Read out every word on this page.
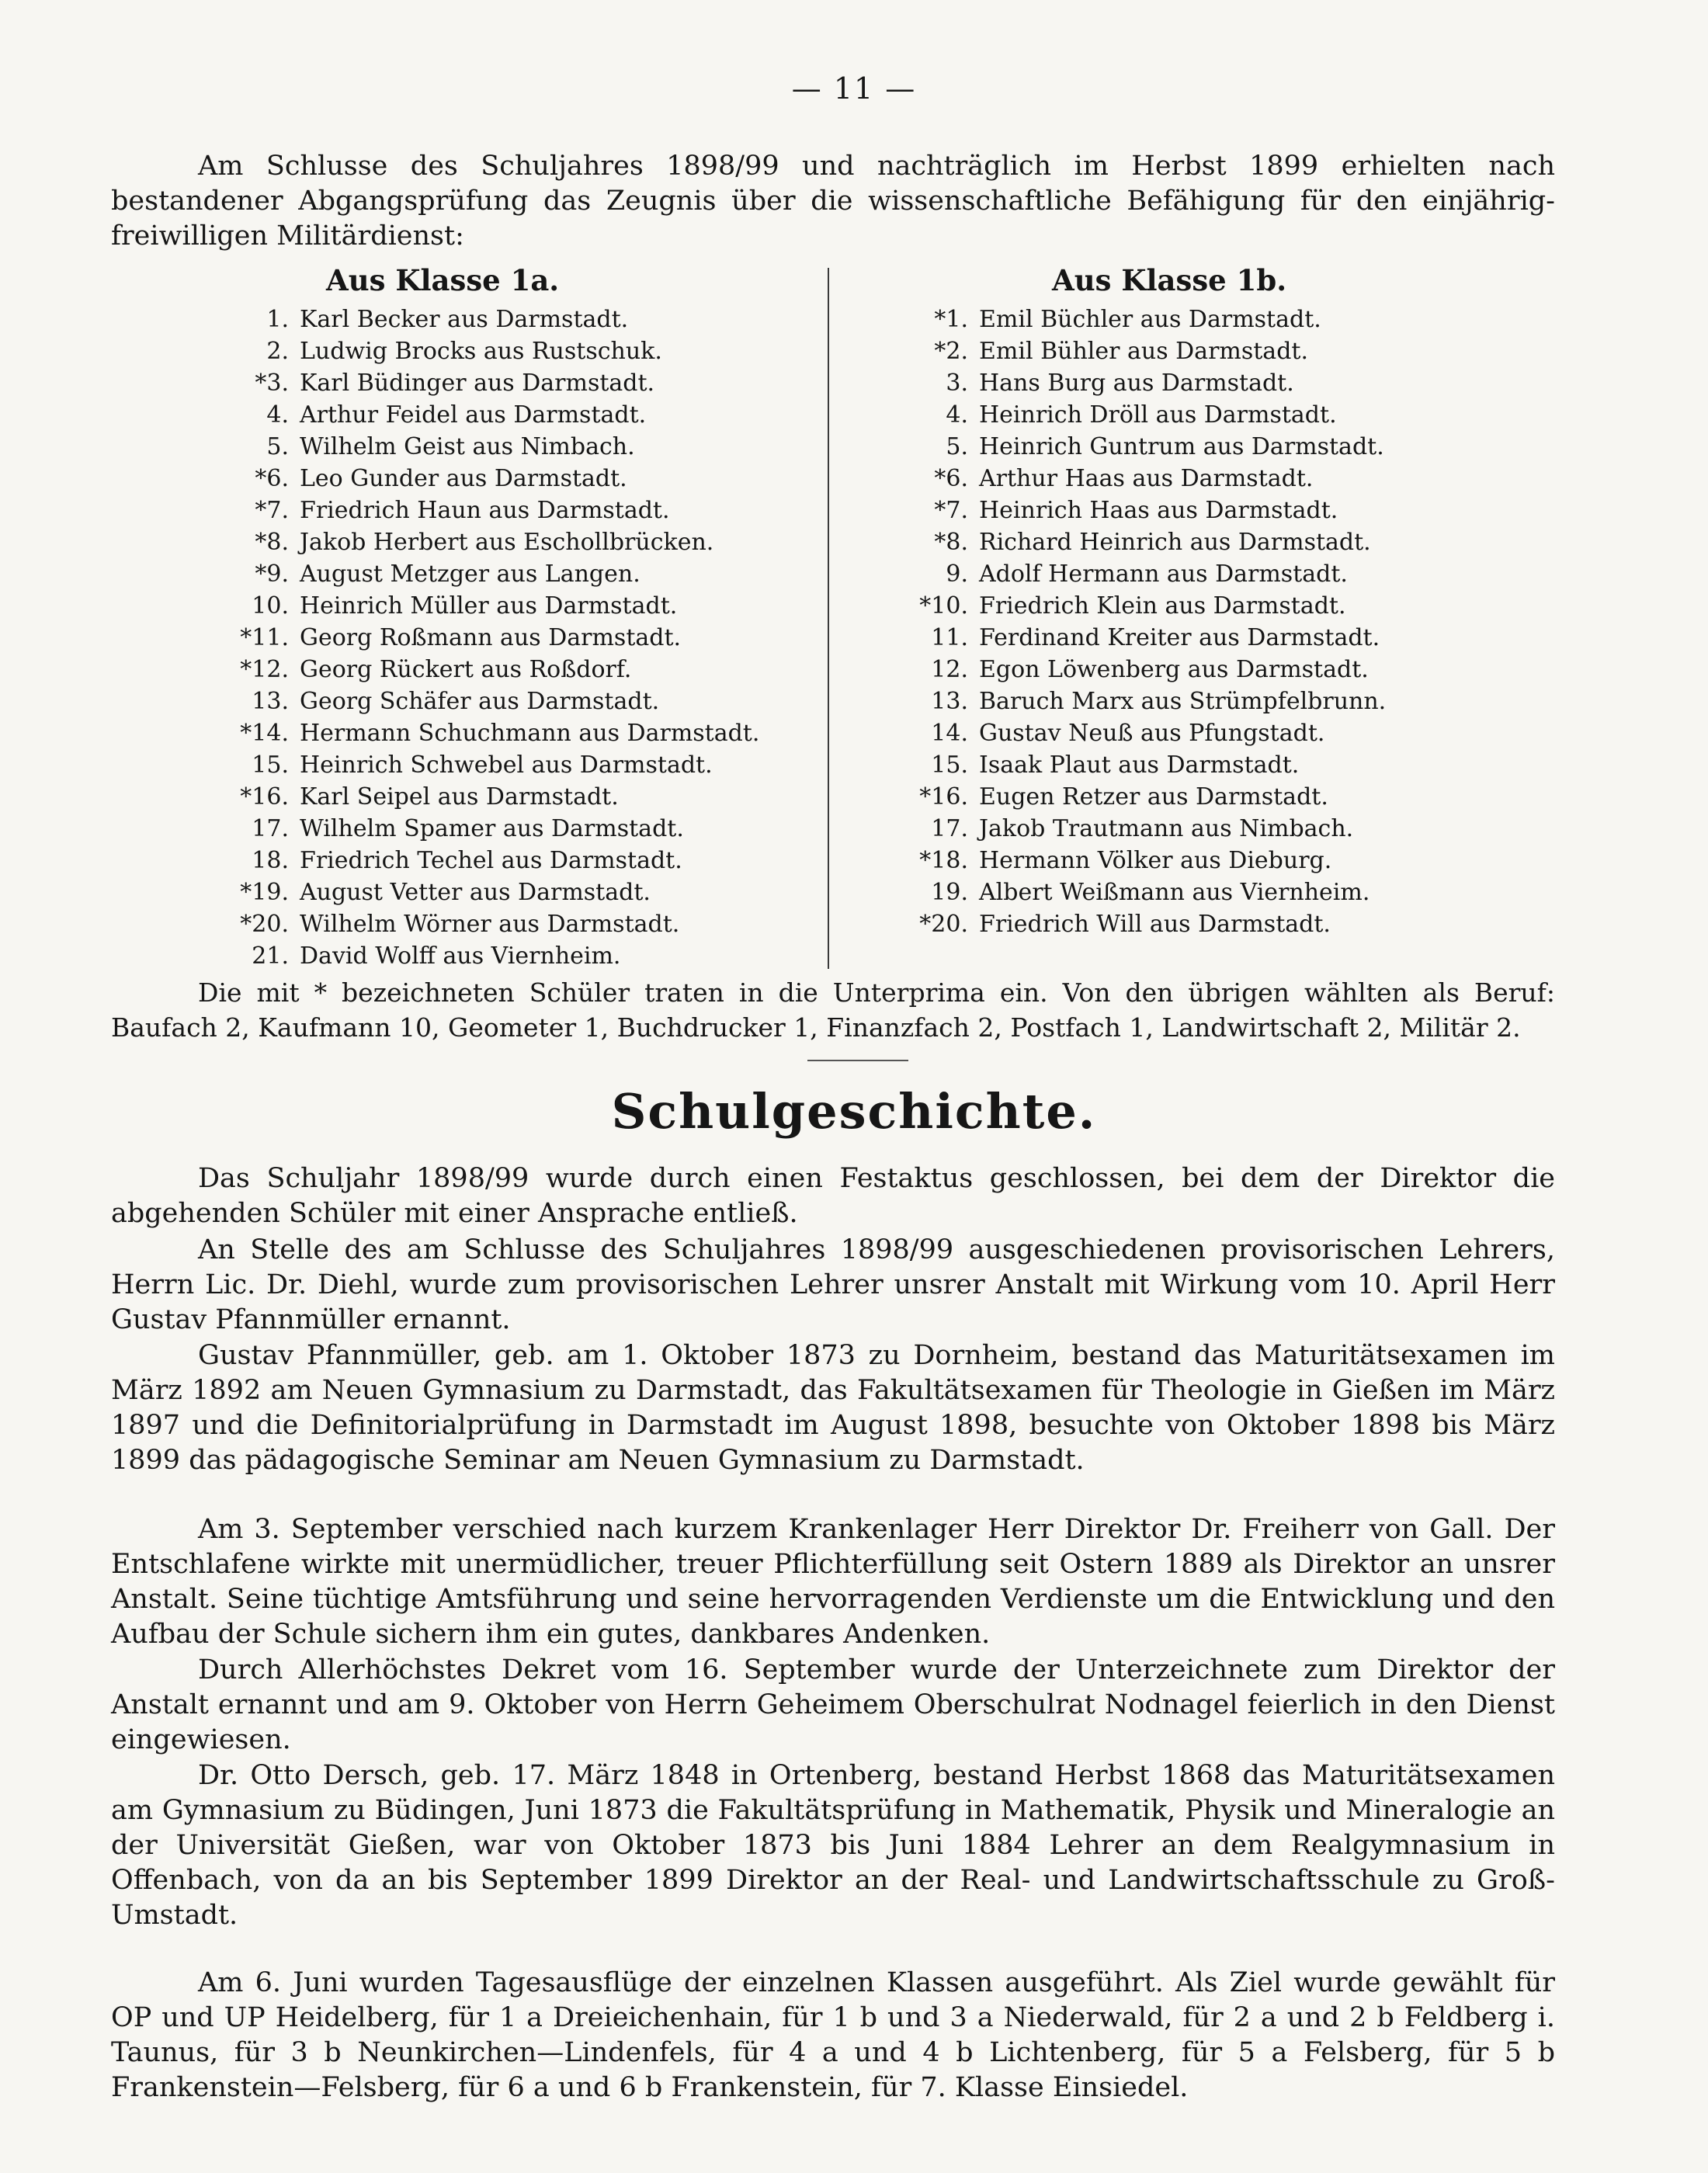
— 11 —

Am Schlusse des Schuljahres 1898/99 und nachträglich im Herbst 1899 erhielten nach bestandener Abgangsprüfung das Zeugnis über die wissenschaftliche Befähigung für den einjährig-freiwilligen Militärdienst:

Aus Klasse 1a.
1. Karl Becker aus Darmstadt.
2. Ludwig Brocks aus Rustschuk.
*3. Karl Büdinger aus Darmstadt.
4. Arthur Feidel aus Darmstadt.
5. Wilhelm Geist aus Nimbach.
*6. Leo Gunder aus Darmstadt.
*7. Friedrich Haun aus Darmstadt.
*8. Jakob Herbert aus Eschollbrücken.
*9. August Metzger aus Langen.
10. Heinrich Müller aus Darmstadt.
*11. Georg Roßmann aus Darmstadt.
*12. Georg Rückert aus Roßdorf.
13. Georg Schäfer aus Darmstadt.
*14. Hermann Schuchmann aus Darmstadt.
15. Heinrich Schwebel aus Darmstadt.
*16. Karl Seipel aus Darmstadt.
17. Wilhelm Spamer aus Darmstadt.
18. Friedrich Techel aus Darmstadt.
*19. August Vetter aus Darmstadt.
*20. Wilhelm Wörner aus Darmstadt.
21. David Wolff aus Viernheim.
Aus Klasse 1b.
*1. Emil Büchler aus Darmstadt.
*2. Emil Bühler aus Darmstadt.
3. Hans Burg aus Darmstadt.
4. Heinrich Dröll aus Darmstadt.
5. Heinrich Guntrum aus Darmstadt.
*6. Arthur Haas aus Darmstadt.
*7. Heinrich Haas aus Darmstadt.
*8. Richard Heinrich aus Darmstadt.
9. Adolf Hermann aus Darmstadt.
*10. Friedrich Klein aus Darmstadt.
11. Ferdinand Kreiter aus Darmstadt.
12. Egon Löwenberg aus Darmstadt.
13. Baruch Marx aus Strümpfelbrunn.
14. Gustav Neuß aus Pfungstadt.
15. Isaak Plaut aus Darmstadt.
*16. Eugen Retzer aus Darmstadt.
17. Jakob Trautmann aus Nimbach.
*18. Hermann Völker aus Dieburg.
19. Albert Weißmann aus Viernheim.
*20. Friedrich Will aus Darmstadt.

Die mit * bezeichneten Schüler traten in die Unterprima ein. Von den übrigen wählten als Beruf: Baufach 2, Kaufmann 10, Geometer 1, Buchdrucker 1, Finanzfach 2, Postfach 1, Landwirtschaft 2, Militär 2.

Schulgeschichte.

Das Schuljahr 1898/99 wurde durch einen Festaktus geschlossen, bei dem der Direktor die abgehenden Schüler mit einer Ansprache entließ.

An Stelle des am Schlusse des Schuljahres 1898/99 ausgeschiedenen provisorischen Lehrers, Herrn Lic. Dr. Diehl, wurde zum provisorischen Lehrer unsrer Anstalt mit Wirkung vom 10. April Herr Gustav Pfannmüller ernannt.

Gustav Pfannmüller, geb. am 1. Oktober 1873 zu Dornheim, bestand das Maturitätsexamen im März 1892 am Neuen Gymnasium zu Darmstadt, das Fakultätsexamen für Theologie in Gießen im März 1897 und die Definitorialprüfung in Darmstadt im August 1898, besuchte von Oktober 1898 bis März 1899 das pädagogische Seminar am Neuen Gymnasium zu Darmstadt.

Am 3. September verschied nach kurzem Krankenlager Herr Direktor Dr. Freiherr von Gall. Der Entschlafene wirkte mit unermüdlicher, treuer Pflichterfüllung seit Ostern 1889 als Direktor an unsrer Anstalt. Seine tüchtige Amtsführung und seine hervorragenden Verdienste um die Entwicklung und den Aufbau der Schule sichern ihm ein gutes, dankbares Andenken.

Durch Allerhöchstes Dekret vom 16. September wurde der Unterzeichnete zum Direktor der Anstalt ernannt und am 9. Oktober von Herrn Geheimem Oberschulrat Nodnagel feierlich in den Dienst eingewiesen.

Dr. Otto Dersch, geb. 17. März 1848 in Ortenberg, bestand Herbst 1868 das Maturitätsexamen am Gymnasium zu Büdingen, Juni 1873 die Fakultätsprüfung in Mathematik, Physik und Mineralogie an der Universität Gießen, war von Oktober 1873 bis Juni 1884 Lehrer an dem Realgymnasium in Offenbach, von da an bis September 1899 Direktor an der Real- und Landwirtschaftsschule zu Groß-Umstadt.

Am 6. Juni wurden Tagesausflüge der einzelnen Klassen ausgeführt. Als Ziel wurde gewählt für OP und UP Heidelberg, für 1 a Dreieichenhain, für 1 b und 3 a Niederwald, für 2 a und 2 b Feldberg i. Taunus, für 3 b Neunkirchen—Lindenfels, für 4 a und 4 b Lichtenberg, für 5 a Felsberg, für 5 b Frankenstein—Felsberg, für 6 a und 6 b Frankenstein, für 7. Klasse Einsiedel.
